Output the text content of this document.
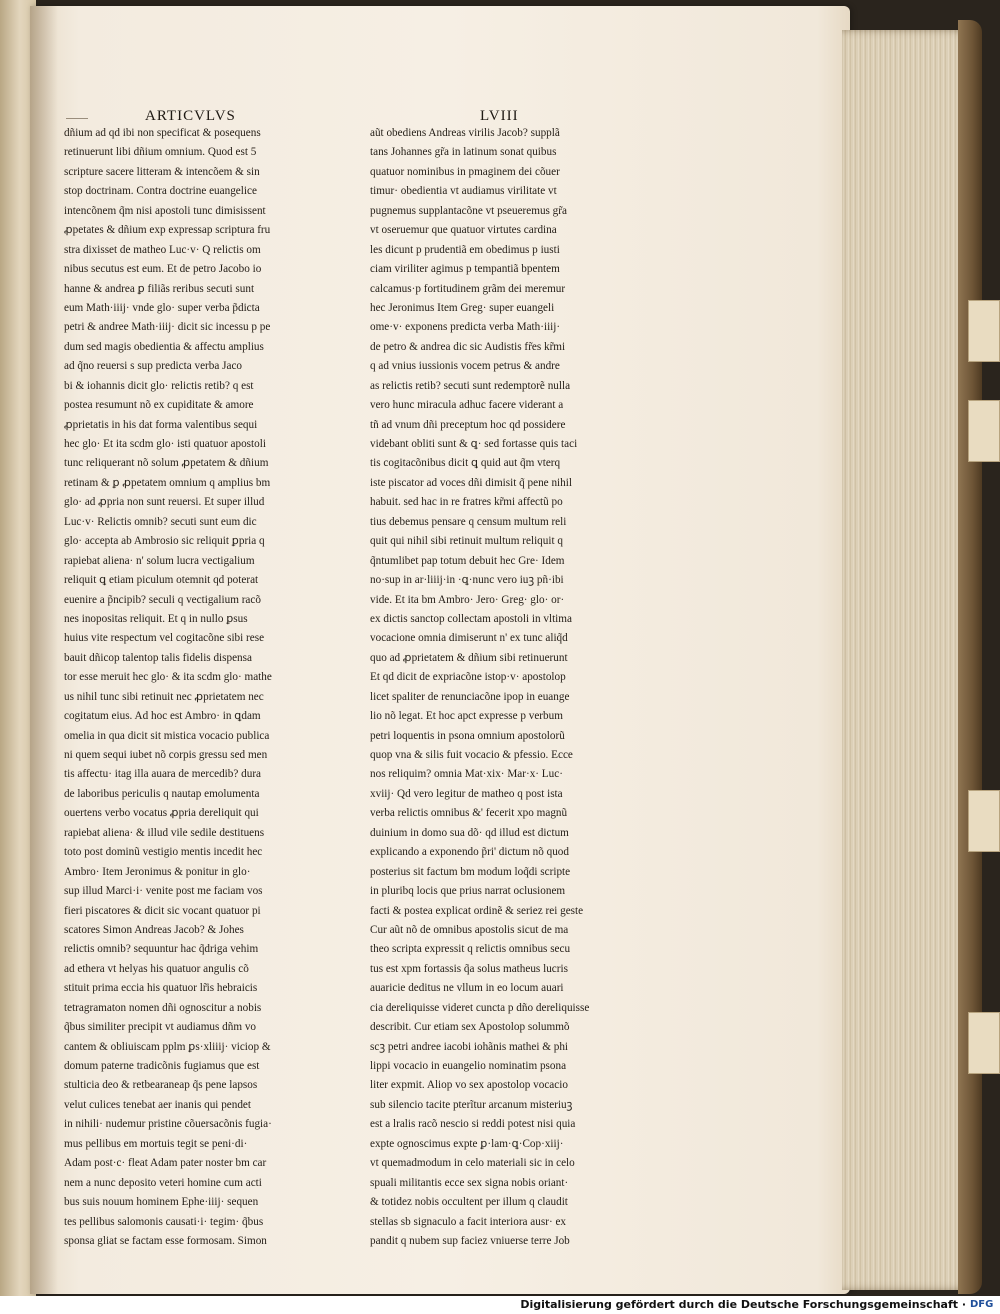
⸏⸏	ARTICVLVS	LVIII
dñium ad qd ibi non specificat & posequens
retinuerunt libi dñium omnium. Quod est 5
scripture sacere litteram & intencõem & sin
stop doctrinam. Contra doctrine euangelice
intencõnem q̃m nisi apostoli tunc dimisissent
ꝓpetates & dñium exp expressap scriptura fru
stra dixisset de matheo Luc·v· Q relictis om
nibus secutus est eum. Et de petro Jacobo io
hanne & andrea ꝑ filiãs reribus secuti sunt
eum Math·iiij· vnde glo· super verba p̃dicta
petri & andree Math·iiij· dicit sic incessu p pe
dum sed magis obedientia & affectu amplius
ad q̃no reuersi s sup predicta verba Jaco
bi & iohannis dicit glo· relictis retib? q est
postea resumunt nõ ex cupiditate & amore
ꝓprietatis in his dat forma valentibus sequi
hec glo· Et ita scdm glo· isti quatuor apostoli
tunc reliquerant nõ solum ꝓpetatem & dñium
retinam & ꝑ ꝓpetatem omnium q amplius bm
glo· ad ꝓpria non sunt reuersi. Et super illud
Luc·v· Relictis omnib? secuti sunt eum dic
glo· accepta ab Ambrosio sic reliquit ꝑpria q
rapiebat aliena· n' solum lucra vectigalium
reliquit ꝗ etiam piculum otemnit qd poterat
euenire a p̃ncipib? seculi q vectigalium racõ
nes inopositas reliquit. Et q in nullo ꝑsus
huius vite respectum vel cogitacõne sibi rese
bauit dñicop talentop talis fidelis dispensa
tor esse meruit hec glo· & ita scdm glo· mathe
us nihil tunc sibi retinuit nec ꝓprietatem nec
cogitatum eius. Ad hoc est Ambro· in ꝗdam
omelia in qua dicit sit mistica vocacio publica
ni quem sequi iubet nõ corpis gressu sed men
tis affectu· itag illa auara de mercedib? dura
de laboribus periculis q nautap emolumenta
ouertens verbo vocatus ꝓpria dereliquit qui
rapiebat aliena· & illud vile sedile destituens
toto post dominũ vestigio mentis incedit hec
Ambro· Item Jeronimus & ponitur in glo·
sup illud Marci·i· venite post me faciam vos
fieri piscatores & dicit sic vocant quatuor pi
scatores Simon Andreas Jacob? & Johes
relictis omnib? sequuntur hac q̃driga vehim
ad ethera vt helyas his quatuor angulis cõ
stituit prima eccia his quatuor lr̃is hebraicis
tetragramaton nomen dñi ognoscitur a nobis
q̃bus similiter precipit vt audiamus dñm vo
cantem & obliuiscam pplm ꝑs·xliiij· viciop &
domum paterne tradicõnis fugiamus que est
stulticia deo & retbearaneap q̃s pene lapsos
velut culices tenebat aer inanis qui pendet
in nihili· nudemur pristine cõuersacõnis fugia·
mus pellibus em mortuis tegit se peni·di·
Adam post·c· fleat Adam pater noster bm car
nem a nunc deposito veteri homine cum acti
bus suis nouum hominem Ephe·iiij· sequen
tes pellibus salomonis causati·i· tegim· q̃bus
sponsa gliat se factam esse formosam. Simon
aũt obediens Andreas virilis Jacob? supplã
tans Johannes gr̃a in latinum sonat quibus
quatuor nominibus in pmaginem dei cõuer
timur· obedientia vt audiamus virilitate vt
pugnemus supplantacõne vt pseueremus gr̃a
vt oseruemur que quatuor virtutes cardina
les dicunt p prudentiã em obedimus p iusti
ciam viriliter agimus p tempantiã bpentem
calcamus·p fortitudinem grãm dei meremur
hec Jeronimus Item Greg· super euangeli
ome·v· exponens predicta verba Math·iiij·
de petro & andrea dic sic Audistis fr̃es kr̃mi
q ad vnius iussionis vocem petrus & andre
as relictis retib? secuti sunt redemptorẽ nulla
vero hunc miracula adhuc facere viderant a
tñ ad vnum dñi preceptum hoc qd possidere
videbant obliti sunt & ꝗ· sed fortasse quis taci
tis cogitacõnibus dicit ꝗ quid aut q̃m vterq
iste piscator ad voces dñi dimisit q̃ pene nihil
habuit. sed hac in re fratres kr̃mi affectũ po
tius debemus pensare q censum multum reli
quit qui nihil sibi retinuit multum reliquit q
q̃ntumlibet pap totum debuit hec Gre· Idem
no·sup in ar·liiij·in ·ꝗ·nunc vero iuꝫ pñ·ibi
vide. Et ita bm Ambro· Jero· Greg· glo· or·
ex dictis sanctop collectam apostoli in vltima
vocacione omnia dimiserunt n' ex tunc aliq̃d
quo ad ꝓprietatem & dñium sibi retinuerunt
Et qd dicit de expriacõne istop·v· apostolop
licet spaliter de renunciacõne ipop in euange
lio nõ legat. Et hoc apct expresse p verbum
petri loquentis in psona omnium apostolorũ
quop vna & silis fuit vocacio & pfessio. Ecce
nos reliquim? omnia Mat·xix· Mar·x· Luc·
xviij· Qd vero legitur de matheo q post ista
verba relictis omnibus &' fecerit xpo magnũ
duinium in domo sua dõ· qd illud est dictum
explicando a exponendo p̃ri' dictum nõ quod
posterius sit factum bm modum loq̃di scripte
in pluribq locis que prius narrat oclusionem
facti & postea explicat ordinẽ & seriez rei geste
Cur aũt nõ de omnibus apostolis sicut de ma
theo scripta expressit q relictis omnibus secu
tus est xpm fortassis q̃a solus matheus lucris
auaricie deditus ne vllum in eo locum auari
cia dereliquisse videret cuncta p dño dereliquisse
describit. Cur etiam sex Apostolop solummõ
scꝫ petri andree iacobi iohãnis mathei & phi
lippi vocacio in euangelio nominatim psona
liter expmit. Aliop vo sex apostolop vocacio
sub silencio tacite pterĩtur arcanum misteriuꝫ
est a lralis racõ nescio si reddi potest nisi quia
expte ognoscimus expte ꝑ·lam·ꝗ·Cop·xiij·
vt quemadmodum in celo materiali sic in celo
spuali militantis ecce sex signa nobis oriant·
& totidez nobis occultent per illum q claudit
stellas sb signaculo a facit interiora ausr· ex
pandit q nubem sup faciez vniuerse terre Job
Digitalisierung gefördert durch die Deutsche Forschungsgemeinschaft · DFG
